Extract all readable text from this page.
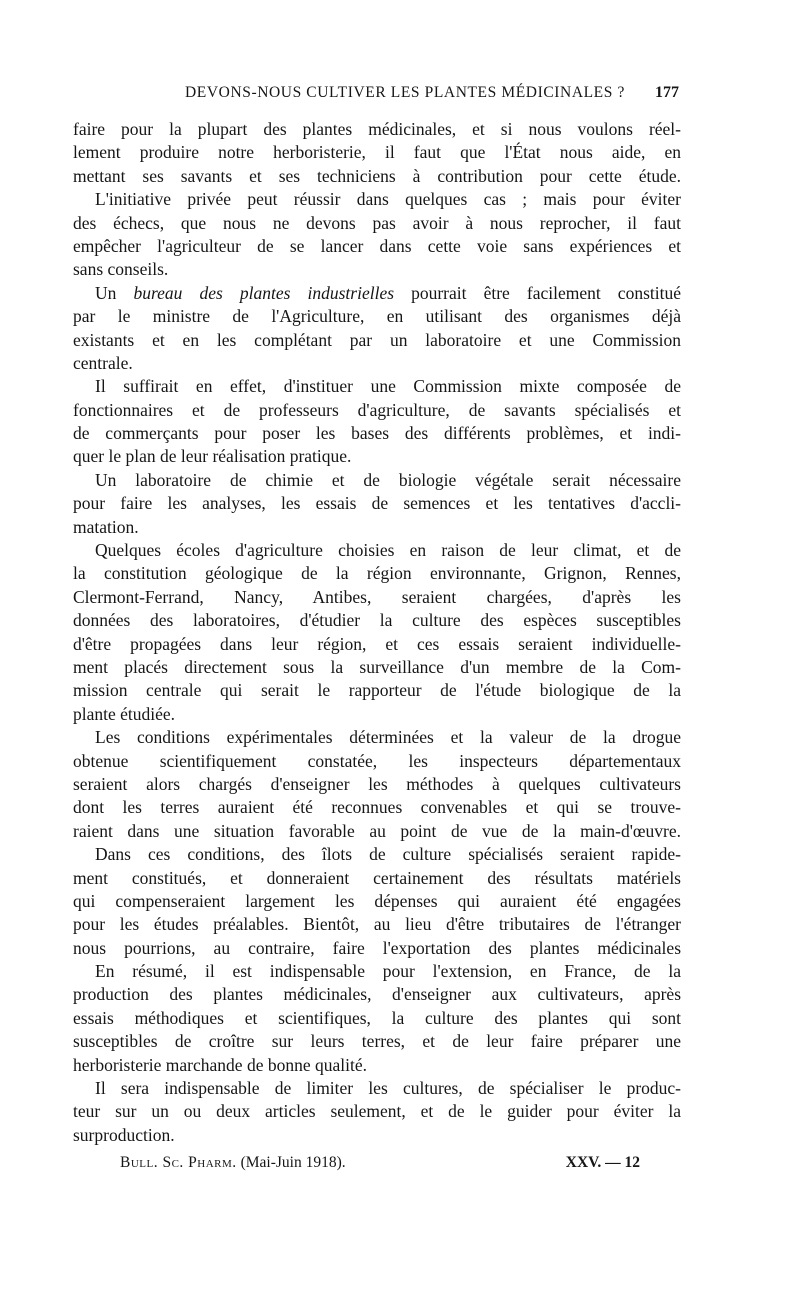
DEVONS-NOUS CULTIVER LES PLANTES MÉDICINALES ? 177
faire pour la plupart des plantes médicinales, et si nous voulons réel-
lement produire notre herboristerie, il faut que l'État nous aide, en
mettant ses savants et ses techniciens à contribution pour cette étude.
L'initiative privée peut réussir dans quelques cas ; mais pour éviter
des échecs, que nous ne devons pas avoir à nous reprocher, il faut
empêcher l'agriculteur de se lancer dans cette voie sans expériences et
sans conseils.
Un bureau des plantes industrielles pourrait être facilement constitué
par le ministre de l'Agriculture, en utilisant des organismes déjà
existants et en les complétant par un laboratoire et une Commission
centrale.
Il suffirait en effet, d'instituer une Commission mixte composée de
fonctionnaires et de professeurs d'agriculture, de savants spécialisés et
de commerçants pour poser les bases des différents problèmes, et indi-
quer le plan de leur réalisation pratique.
Un laboratoire de chimie et de biologie végétale serait nécessaire
pour faire les analyses, les essais de semences et les tentatives d'accli-
matation.
Quelques écoles d'agriculture choisies en raison de leur climat, et de
la constitution géologique de la région environnante, Grignon, Rennes,
Clermont-Ferrand, Nancy, Antibes, seraient chargées, d'après les
données des laboratoires, d'étudier la culture des espèces susceptibles
d'être propagées dans leur région, et ces essais seraient individuelle-
ment placés directement sous la surveillance d'un membre de la Com-
mission centrale qui serait le rapporteur de l'étude biologique de la
plante étudiée.
Les conditions expérimentales déterminées et la valeur de la drogue
obtenue scientifiquement constatée, les inspecteurs départementaux
seraient alors chargés d'enseigner les méthodes à quelques cultivateurs
dont les terres auraient été reconnues convenables et qui se trouve-
raient dans une situation favorable au point de vue de la main-d'œuvre.
Dans ces conditions, des îlots de culture spécialisés seraient rapide-
ment constitués, et donneraient certainement des résultats matériels
qui compenseraient largement les dépenses qui auraient été engagées
pour les études préalables. Bientôt, au lieu d'être tributaires de l'étranger
nous pourrions, au contraire, faire l'exportation des plantes médicinales
En résumé, il est indispensable pour l'extension, en France, de la
production des plantes médicinales, d'enseigner aux cultivateurs, après
essais méthodiques et scientifiques, la culture des plantes qui sont
susceptibles de croître sur leurs terres, et de leur faire préparer une
herboristerie marchande de bonne qualité.
Il sera indispensable de limiter les cultures, de spécialiser le produc-
teur sur un ou deux articles seulement, et de le guider pour éviter la
surproduction.
Bull. Sc. Pharm. (Mai-Juin 1918).	XXV. — 12
